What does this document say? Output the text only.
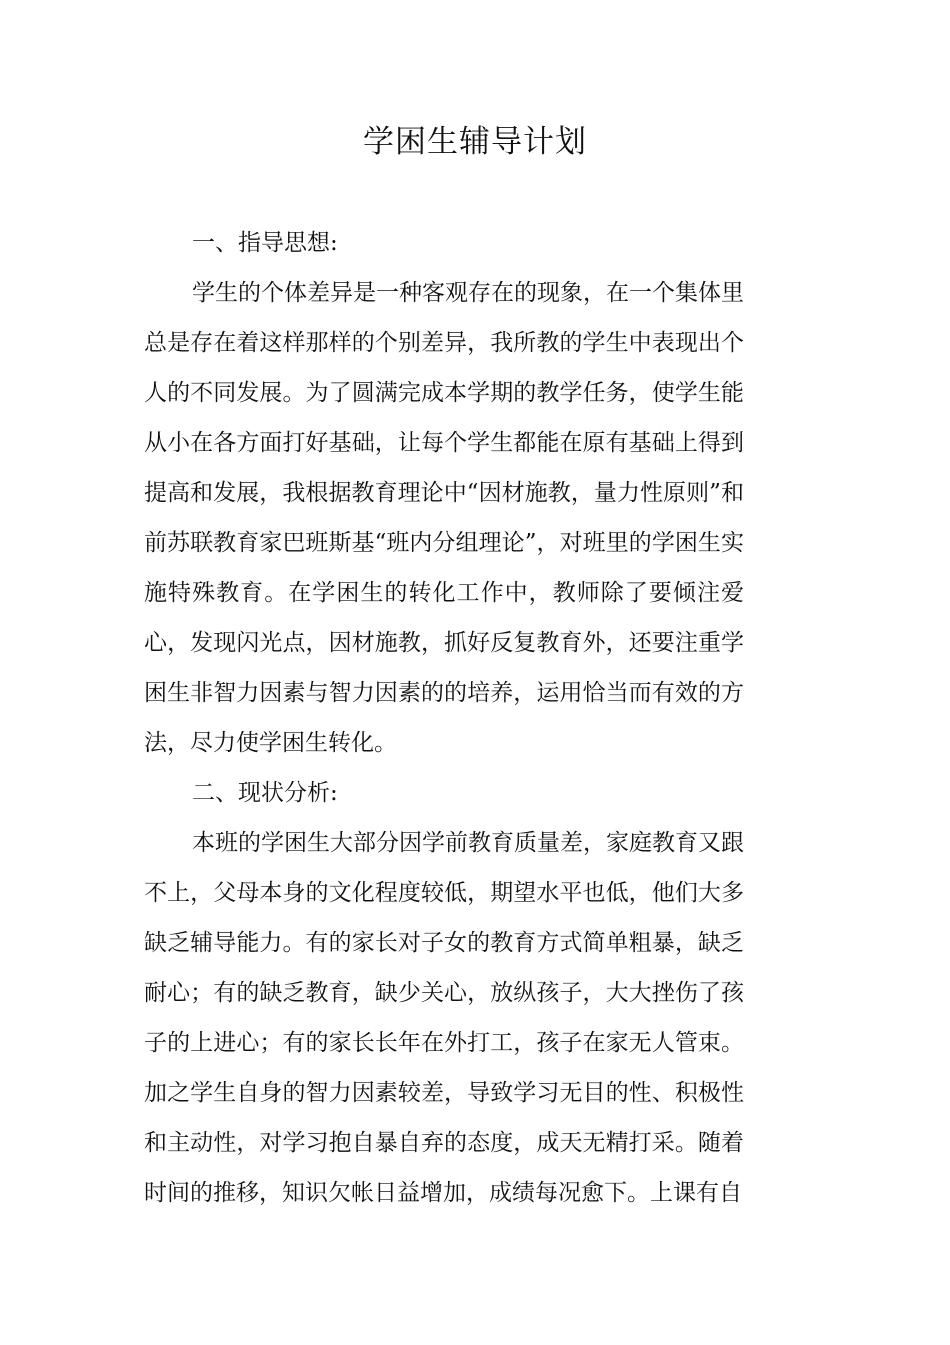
学困生辅导计划

一、指导思想:

学生的个体差异是一种客观存在的现象，在一个集体里总是存在着这样那样的个别差异，我所教的学生中表现出个人的不同发展。为了圆满完成本学期的教学任务，使学生能从小在各方面打好基础，让每个学生都能在原有基础上得到提高和发展，我根据教育理论中“因材施教，量力性原则”和前苏联教育家巴班斯基“班内分组理论”，对班里的学困生实施特殊教育。在学困生的转化工作中，教师除了要倾注爱心，发现闪光点，因材施教，抓好反复教育外，还要注重学困生非智力因素与智力因素的的培养，运用恰当而有效的方法，尽力使学困生转化。

二、现状分析:

本班的学困生大部分因学前教育质量差，家庭教育又跟不上，父母本身的文化程度较低，期望水平也低，他们大多缺乏辅导能力。有的家长对子女的教育方式简单粗暴，缺乏耐心；有的缺乏教育，缺少关心，放纵孩子，大大挫伤了孩子的上进心；有的家长长年在外打工，孩子在家无人管束。加之学生自身的智力因素较差，导致学习无目的性、积极性和主动性，对学习抱自暴自弃的态度，成天无精打采。随着时间的推移，知识欠帐日益增加，成绩每况愈下。上课有自
